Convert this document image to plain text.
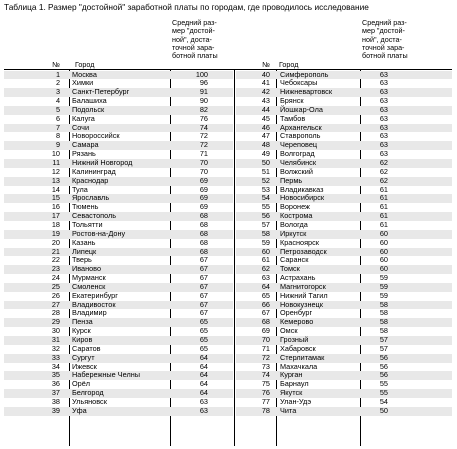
Таблица 1. Размер "достойной" заработной платы по городам, где проводилось исследование
Средний раз-
мер "достой-
ной", доста-
точной зара-
ботной платы
№ Город
Средний раз-
мер "достой-
ной", доста-
точной зара-
ботной платы
№ Город
1 Москва	100
2 Химки	96
3 Санкт-Петербург	91
4 Балашиха	90
5 Подольск	82
6 Калуга	76
7 Сочи	74
8 Новороссийск	72
9 Самара	72
10 Рязань	71
11 Нижний Новгород	70
12 Калининград	70
13 Краснодар	69
14 Тула	69
15 Ярославль	69
16 Тюмень	69
17 Севастополь	68
18 Тольятти	68
19 Ростов-на-Дону	68
20 Казань	68
21 Липецк	68
22 Тверь	67
23 Иваново	67
24 Мурманск	67
25 Смоленск	67
26 Екатеринбург	67
27 Владивосток	67
28 Владимир	67
29 Пенза	65
30 Курск	65
31 Киров	65
32 Саратов	65
33 Сургут	64
34 Ижевск	64
35 Набережные Челны	64
36 Орёл	64
37 Белгород	64
38 Ульяновск	63
39 Уфа	63
40 Симферополь	63
41 Чебоксары	63
42 Нижневартовск	63
43 Брянск	63
44 Йошкар-Ола	63
45 Тамбов	63
46 Архангельск	63
47 Ставрополь	63
48 Череповец	63
49 Волгоград	63
50 Челябинск	62
51 Волжский	62
52 Пермь	62
53 Владикавказ	61
54 Новосибирск	61
55 Воронеж	61
56 Кострома	61
57 Вологда	61
58 Иркутск	60
59 Красноярск	60
60 Петрозаводск	60
61 Саранск	60
62 Томск	60
63 Астрахань	59
64 Магнитогорск	59
65 Нижний Тагил	59
66 Новокузнецк	58
67 Оренбург	58
68 Кемерово	58
69 Омск	58
70 Грозный	57
71 Хабаровск	57
72 Стерлитамак	56
73 Махачкала	56
74 Курган	56
75 Барнаул	55
76 Якутск	55
77 Улан-Удэ	54
78 Чита	50
